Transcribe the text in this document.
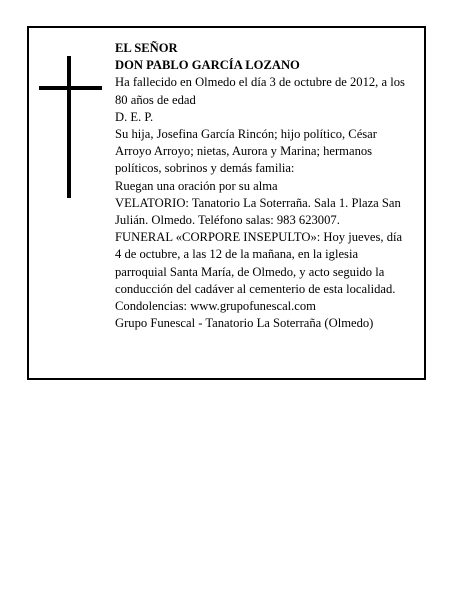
EL SEÑOR

DON PABLO GARCÍA LOZANO

Ha fallecido en Olmedo el día 3 de octubre de 2012, a los 80 años de edad

D. E. P.

Su hija, Josefina García Rincón; hijo político, César Arroyo Arroyo; nietas, Aurora y Marina; hermanos políticos, sobrinos y demás familia:

Ruegan una oración por su alma

VELATORIO: Tanatorio La Soterraña. Sala 1. Plaza San Julián. Olmedo. Teléfono salas: 983 623007.

FUNERAL «CORPORE INSEPULTO»: Hoy jueves, día 4 de octubre, a las 12 de la mañana, en la iglesia parroquial Santa María, de Olmedo, y acto seguido la conducción del cadáver al cementerio de esta localidad.

Condolencias: www.grupofunescal.com

Grupo Funescal - Tanatorio La Soterraña (Olmedo)
